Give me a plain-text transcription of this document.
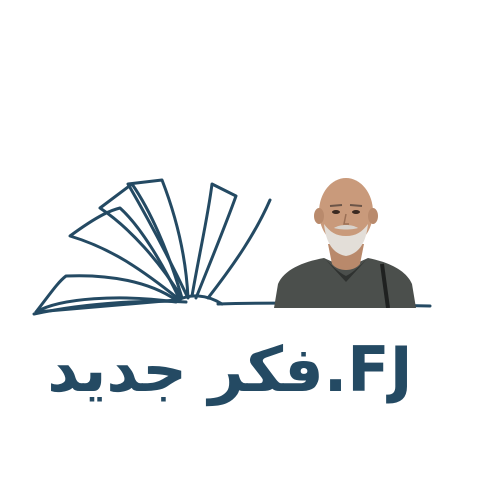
فكر جديد .FJ
